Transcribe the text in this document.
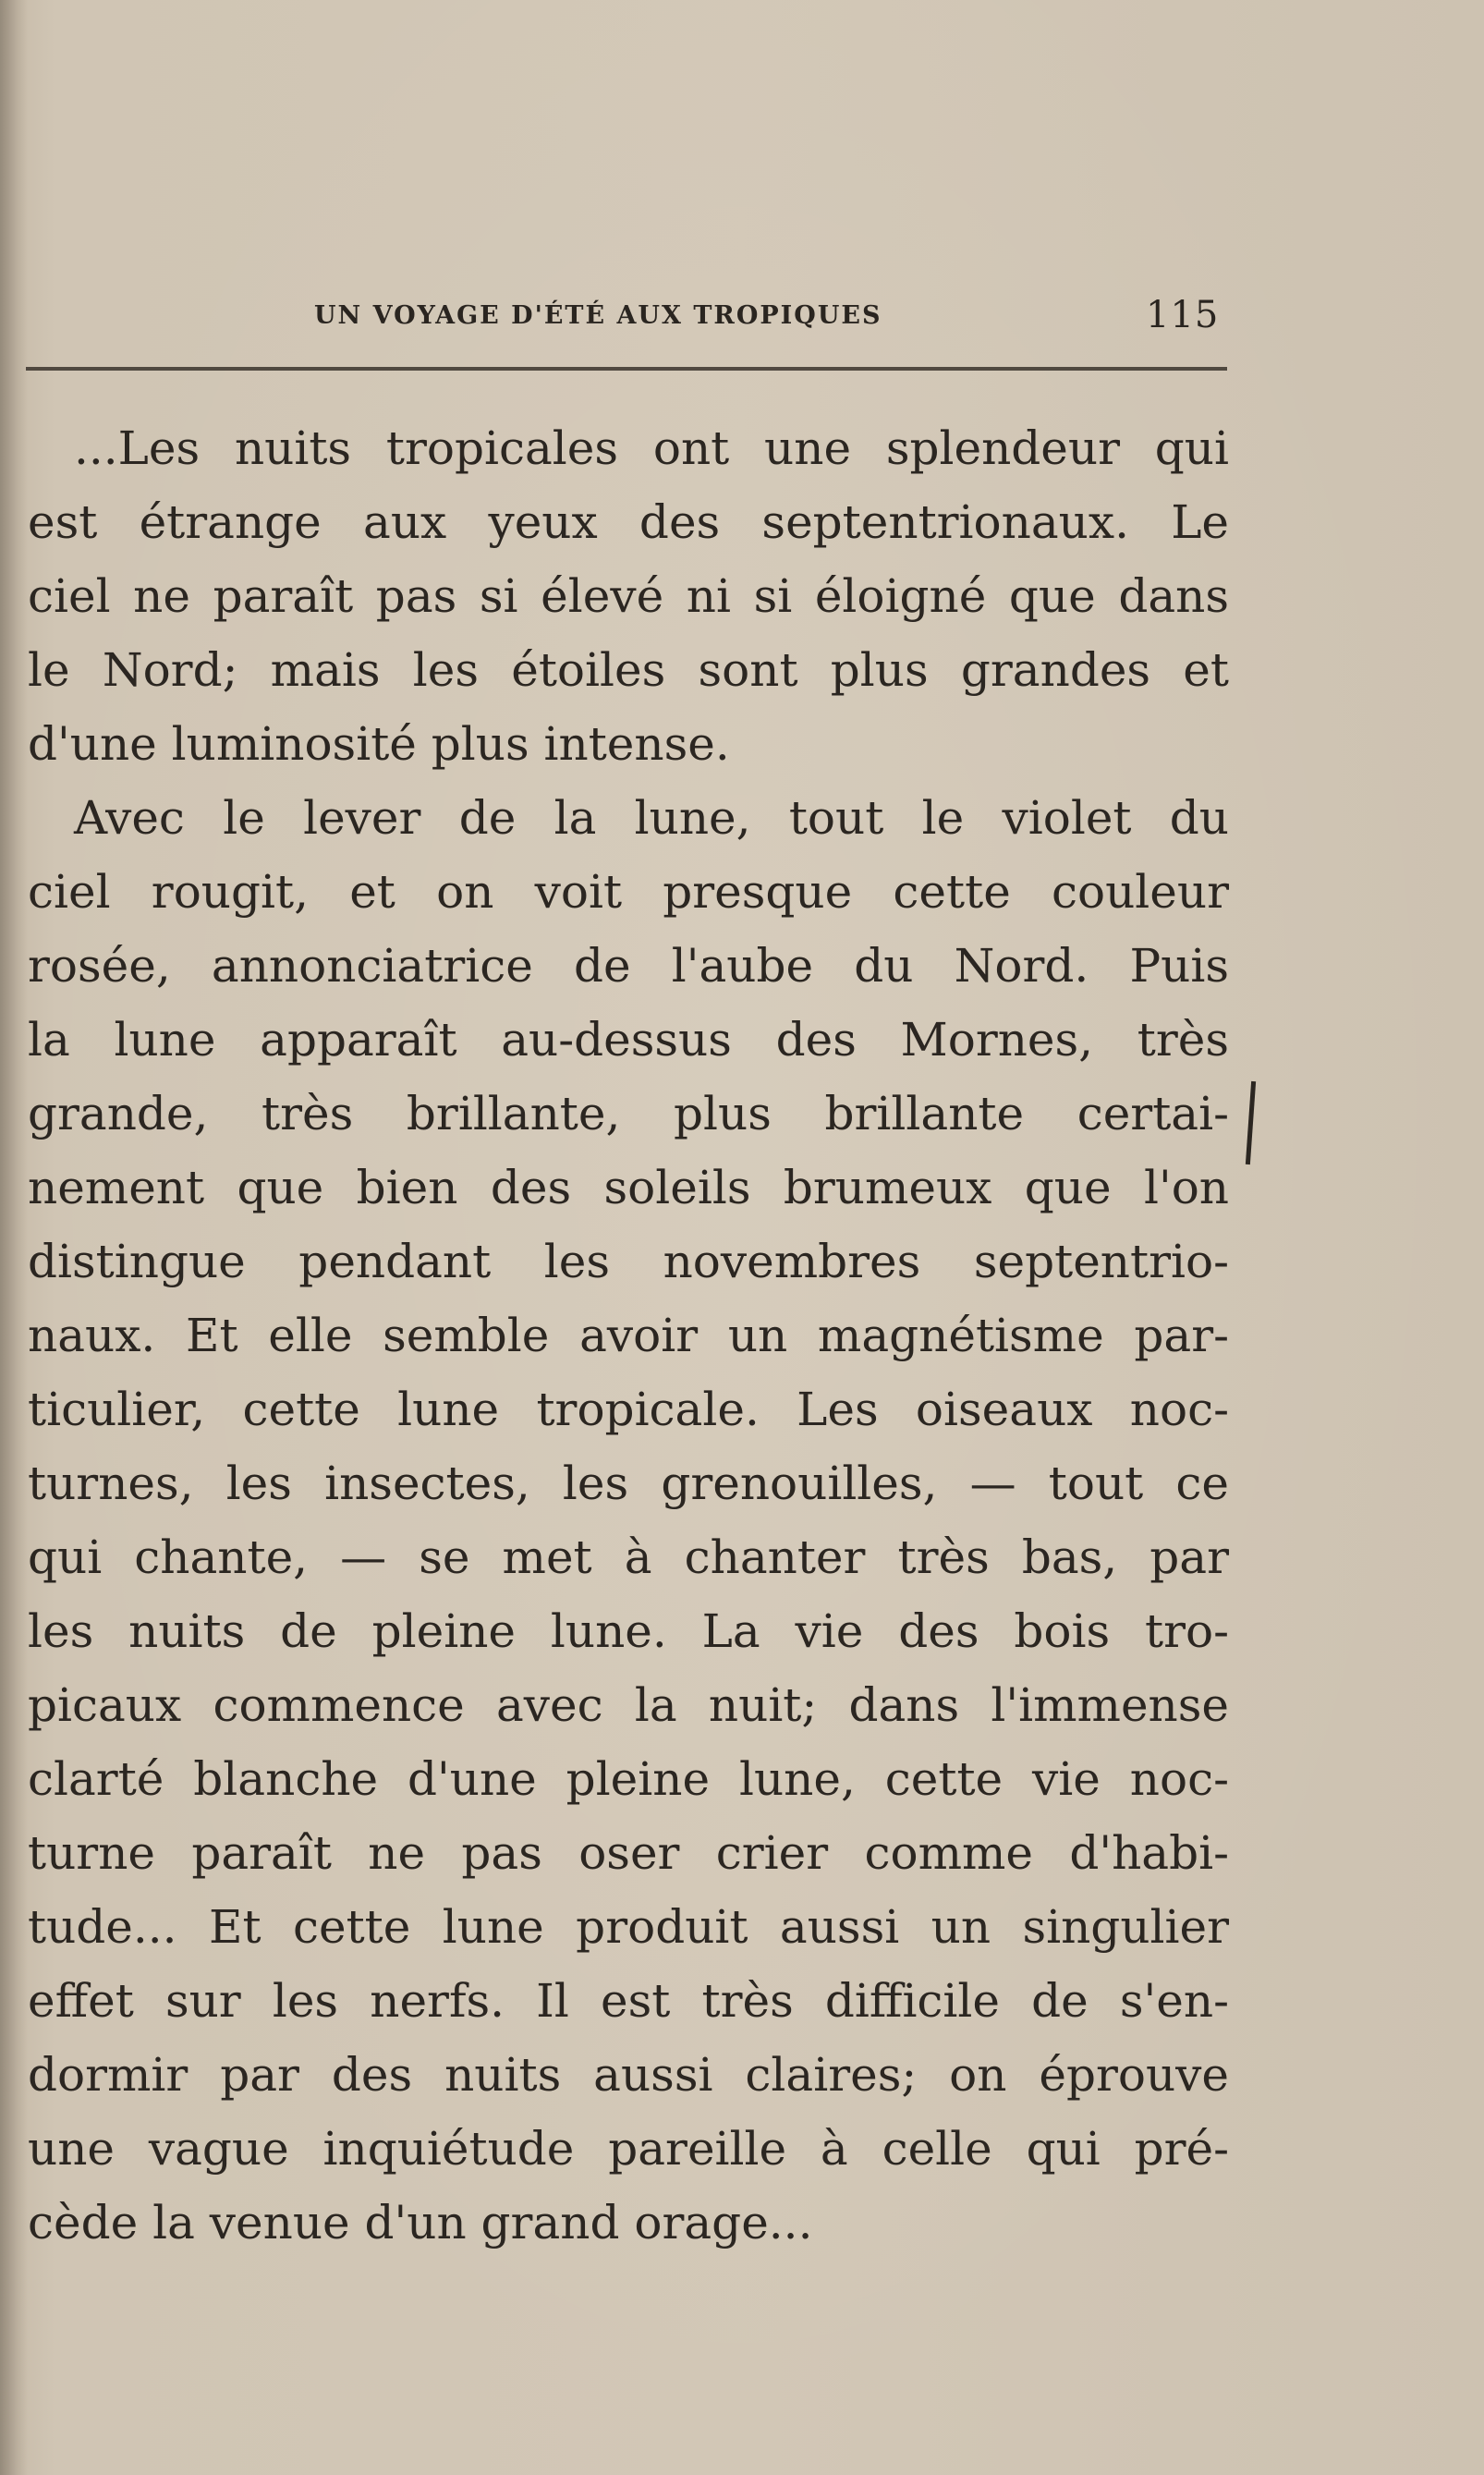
UN VOYAGE D'ÉTÉ AUX TROPIQUES	115
...Les nuits tropicales ont une splendeur qui
est étrange aux yeux des septentrionaux. Le
ciel ne paraît pas si élevé ni si éloigné que dans
le Nord; mais les étoiles sont plus grandes et
d'une luminosité plus intense.
Avec le lever de la lune, tout le violet du
ciel rougit, et on voit presque cette couleur
rosée, annonciatrice de l'aube du Nord. Puis
la lune apparaît au-dessus des Mornes, très
grande, très brillante, plus brillante certai-
nement que bien des soleils brumeux que l'on
distingue pendant les novembres septentrio-
naux. Et elle semble avoir un magnétisme par-
ticulier, cette lune tropicale. Les oiseaux noc-
turnes, les insectes, les grenouilles, — tout ce
qui chante, — se met à chanter très bas, par
les nuits de pleine lune. La vie des bois tro-
picaux commence avec la nuit; dans l'immense
clarté blanche d'une pleine lune, cette vie noc-
turne paraît ne pas oser crier comme d'habi-
tude... Et cette lune produit aussi un singulier
effet sur les nerfs. Il est très difficile de s'en-
dormir par des nuits aussi claires; on éprouve
une vague inquiétude pareille à celle qui pré-
cède la venue d'un grand orage...
